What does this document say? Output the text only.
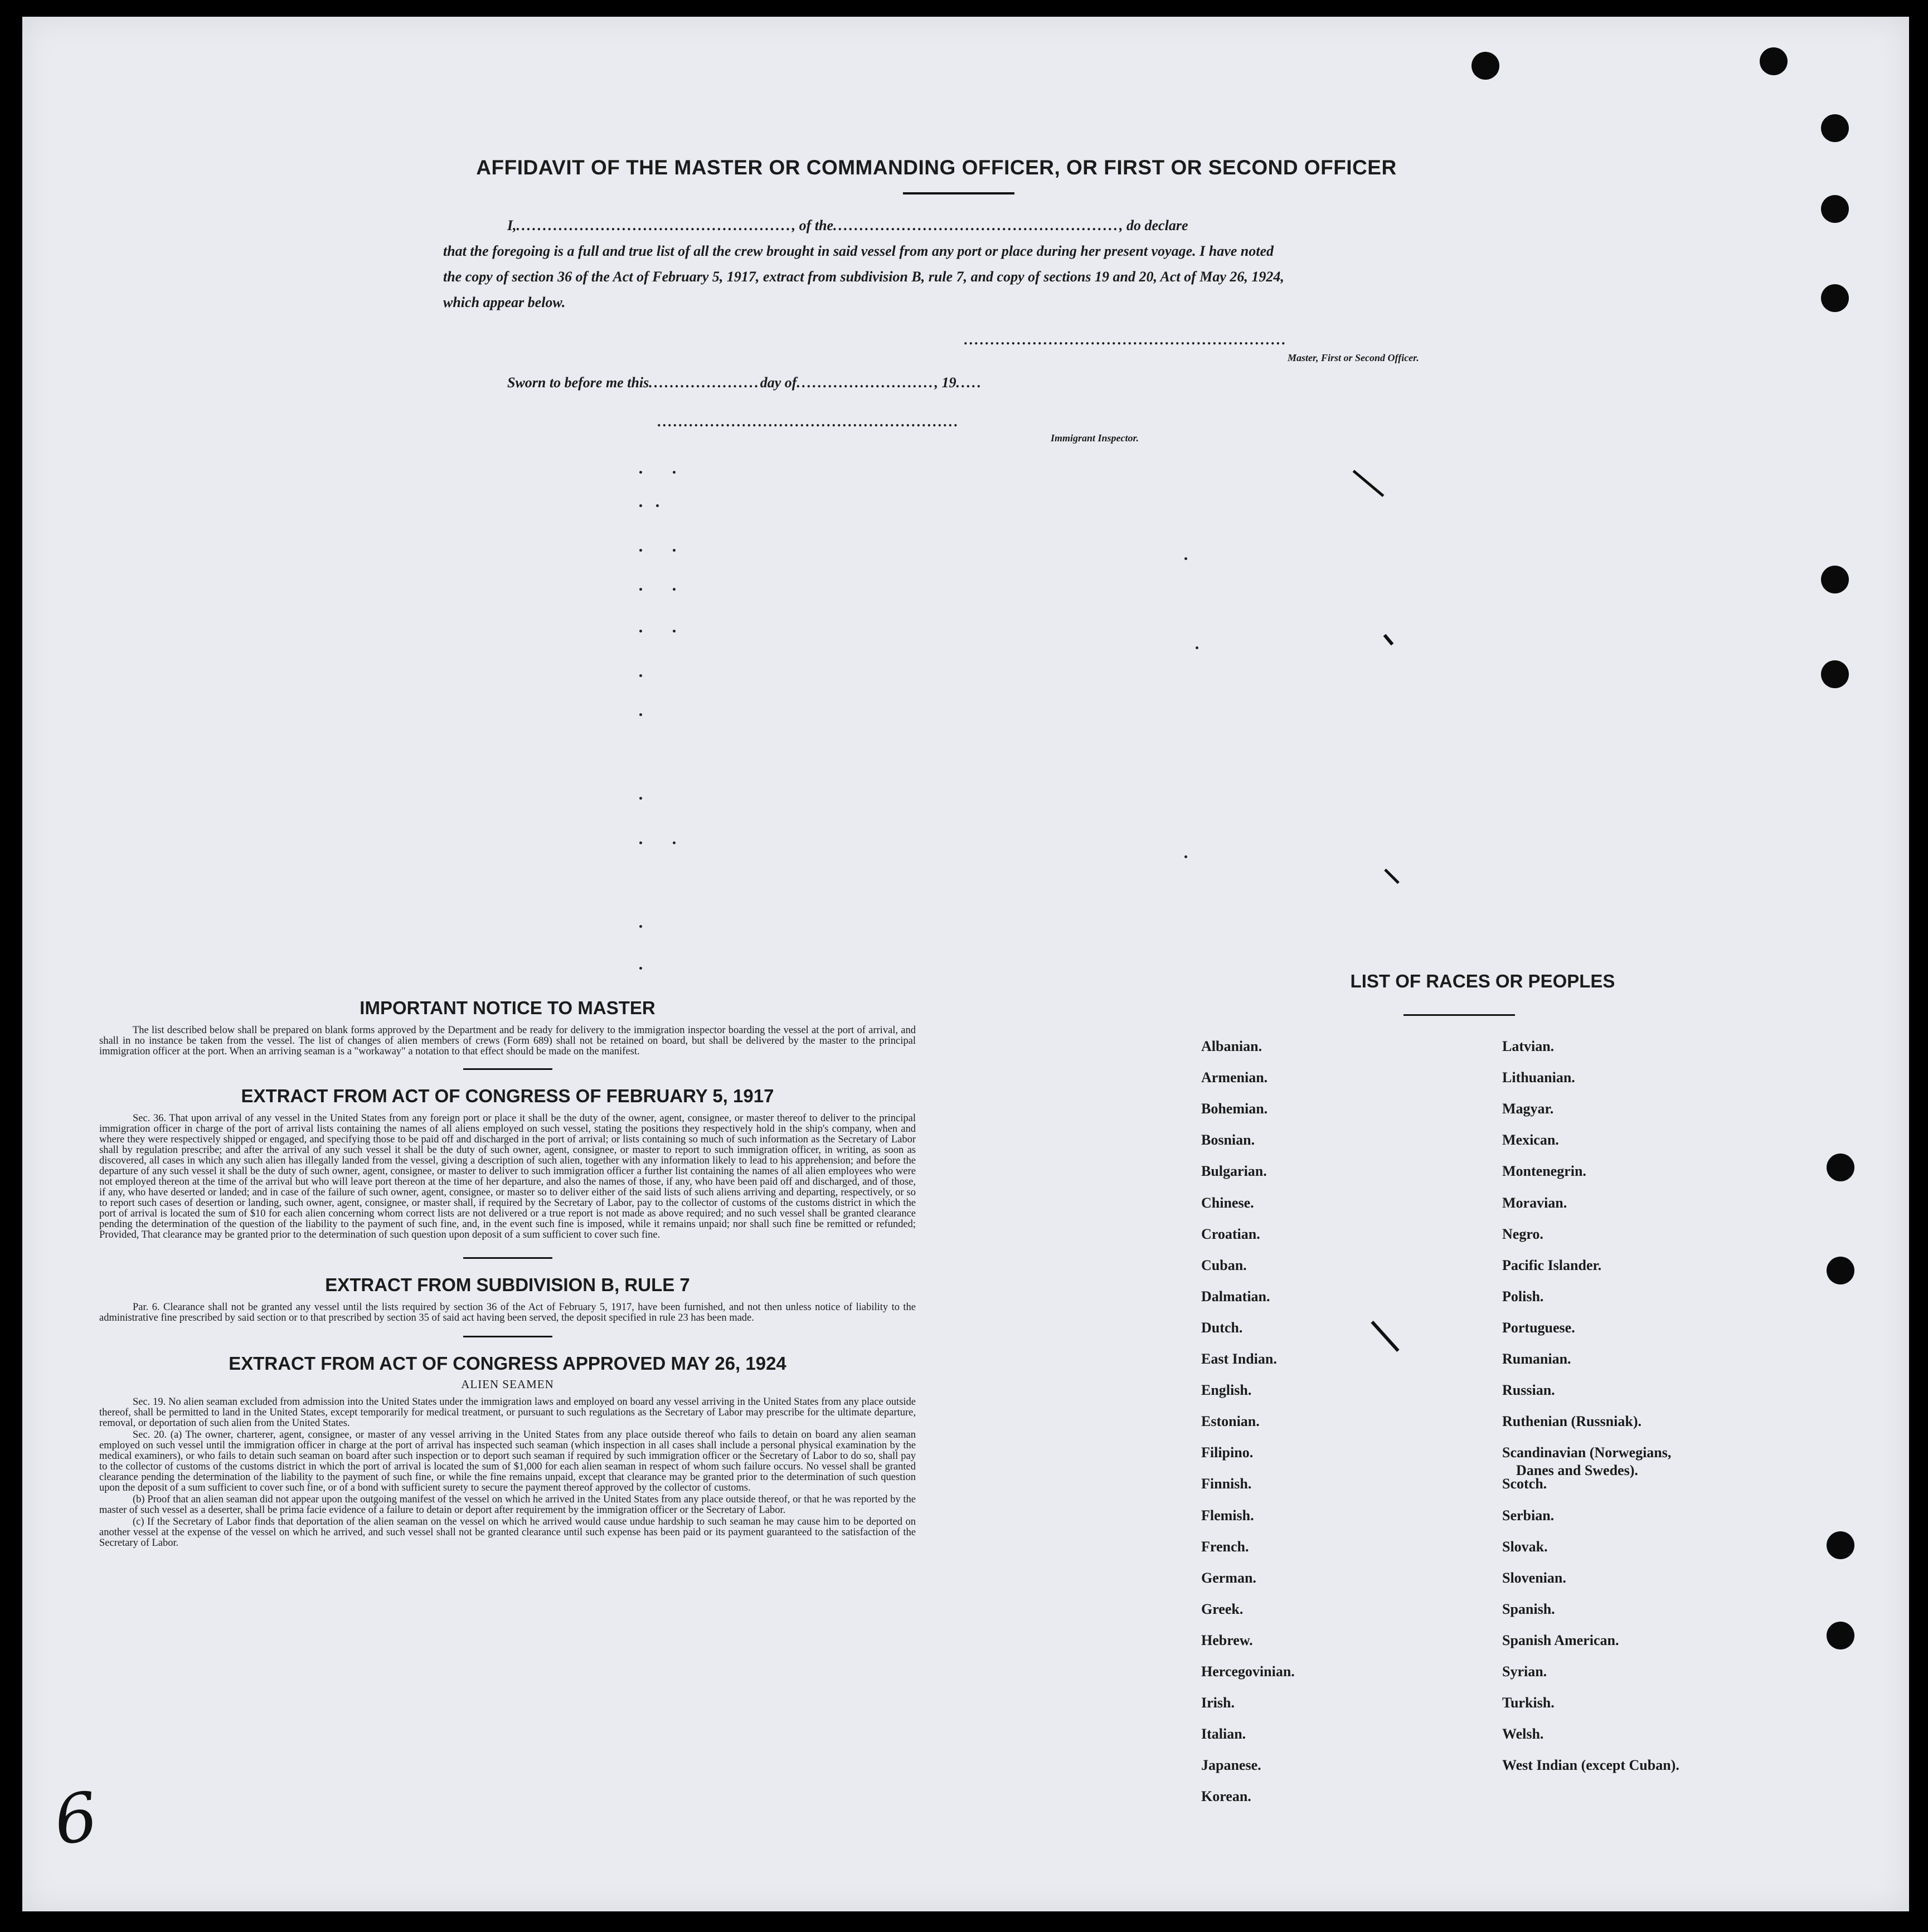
AFFIDAVIT OF THE MASTER OR COMMANDING OFFICER, OR FIRST OR SECOND OFFICER
I,...................................................., of the......................................................, do declare
that the foregoing is a full and true list of all the crew brought in said vessel from any port or place during her present voyage. I have noted
the copy of section 36 of the Act of February 5, 1917, extract from subdivision B, rule 7, and copy of sections 19 and 20, Act of May 26, 1924,
which appear below.
.............................................................
Master, First or Second Officer.
Sworn to before me this.....................day of.........................., 19.....
.........................................................
Immigrant Inspector.
IMPORTANT NOTICE TO MASTER

The list described below shall be prepared on blank forms approved by the Department and be ready for delivery to the immigration inspector boarding the vessel at the port of arrival, and shall in no instance be taken from the vessel. The list of changes of alien members of crews (Form 689) shall not be retained on board, but shall be delivered by the master to the principal immigration officer at the port. When an arriving seaman is a "workaway" a notation to that effect should be made on the manifest.

EXTRACT FROM ACT OF CONGRESS OF FEBRUARY 5, 1917

Sec. 36. That upon arrival of any vessel in the United States from any foreign port or place it shall be the duty of the owner, agent, consignee, or master thereof to deliver to the principal immigration officer in charge of the port of arrival lists containing the names of all aliens employed on such vessel, stating the positions they respectively hold in the ship's company, when and where they were respectively shipped or engaged, and specifying those to be paid off and discharged in the port of arrival; or lists containing so much of such information as the Secretary of Labor shall by regulation prescribe; and after the arrival of any such vessel it shall be the duty of such owner, agent, consignee, or master to report to such immigration officer, in writing, as soon as discovered, all cases in which any such alien has illegally landed from the vessel, giving a description of such alien, together with any information likely to lead to his apprehension; and before the departure of any such vessel it shall be the duty of such owner, agent, consignee, or master to deliver to such immigration officer a further list containing the names of all alien employees who were not employed thereon at the time of the arrival but who will leave port thereon at the time of her departure, and also the names of those, if any, who have been paid off and discharged, and of those, if any, who have deserted or landed; and in case of the failure of such owner, agent, consignee, or master so to deliver either of the said lists of such aliens arriving and departing, respectively, or so to report such cases of desertion or landing, such owner, agent, consignee, or master shall, if required by the Secretary of Labor, pay to the collector of customs of the customs district in which the port of arrival is located the sum of $10 for each alien concerning whom correct lists are not delivered or a true report is not made as above required; and no such vessel shall be granted clearance pending the determination of the question of the liability to the payment of such fine, and, in the event such fine is imposed, while it remains unpaid; nor shall such fine be remitted or refunded; Provided, That clearance may be granted prior to the determination of such question upon deposit of a sum sufficient to cover such fine.

EXTRACT FROM SUBDIVISION B, RULE 7

Par. 6. Clearance shall not be granted any vessel until the lists required by section 36 of the Act of February 5, 1917, have been furnished, and not then unless notice of liability to the administrative fine prescribed by said section or to that prescribed by section 35 of said act having been served, the deposit specified in rule 23 has been made.

EXTRACT FROM ACT OF CONGRESS APPROVED MAY 26, 1924
ALIEN SEAMEN

Sec. 19. No alien seaman excluded from admission into the United States under the immigration laws and employed on board any vessel arriving in the United States from any place outside thereof, shall be permitted to land in the United States, except temporarily for medical treatment, or pursuant to such regulations as the Secretary of Labor may prescribe for the ultimate departure, removal, or deportation of such alien from the United States.

Sec. 20. (a) The owner, charterer, agent, consignee, or master of any vessel arriving in the United States from any place outside thereof who fails to detain on board any alien seaman employed on such vessel until the immigration officer in charge at the port of arrival has inspected such seaman (which inspection in all cases shall include a personal physical examination by the medical examiners), or who fails to detain such seaman on board after such inspection or to deport such seaman if required by such immigration officer or the Secretary of Labor to do so, shall pay to the collector of customs of the customs district in which the port of arrival is located the sum of $1,000 for each alien seaman in respect of whom such failure occurs. No vessel shall be granted clearance pending the determination of the liability to the payment of such fine, or while the fine remains unpaid, except that clearance may be granted prior to the determination of such question upon the deposit of a sum sufficient to cover such fine, or of a bond with sufficient surety to secure the payment thereof approved by the collector of customs.

(b) Proof that an alien seaman did not appear upon the outgoing manifest of the vessel on which he arrived in the United States from any place outside thereof, or that he was reported by the master of such vessel as a deserter, shall be prima facie evidence of a failure to detain or deport after requirement by the immigration officer or the Secretary of Labor.

(c) If the Secretary of Labor finds that deportation of the alien seaman on the vessel on which he arrived would cause undue hardship to such seaman he may cause him to be deported on another vessel at the expense of the vessel on which he arrived, and such vessel shall not be granted clearance until such expense has been paid or its payment guaranteed to the satisfaction of the Secretary of Labor.

LIST OF RACES OR PEOPLES
6
Albanian.
Armenian.
Bohemian.
Bosnian.
Bulgarian.
Chinese.
Croatian.
Cuban.
Dalmatian.
Dutch.
East Indian.
English.
Estonian.
Filipino.
Finnish.
Flemish.
French.
German.
Greek.
Hebrew.
Hercegovinian.
Irish.
Italian.
Japanese.
Korean.
Latvian.
Lithuanian.
Magyar.
Mexican.
Montenegrin.
Moravian.
Negro.
Pacific Islander.
Polish.
Portuguese.
Rumanian.
Russian.
Ruthenian (Russniak).
Scandinavian (Norwegians,
Danes and Swedes).
Scotch.
Serbian.
Slovak.
Slovenian.
Spanish.
Spanish American.
Syrian.
Turkish.
Welsh.
West Indian (except Cuban).
